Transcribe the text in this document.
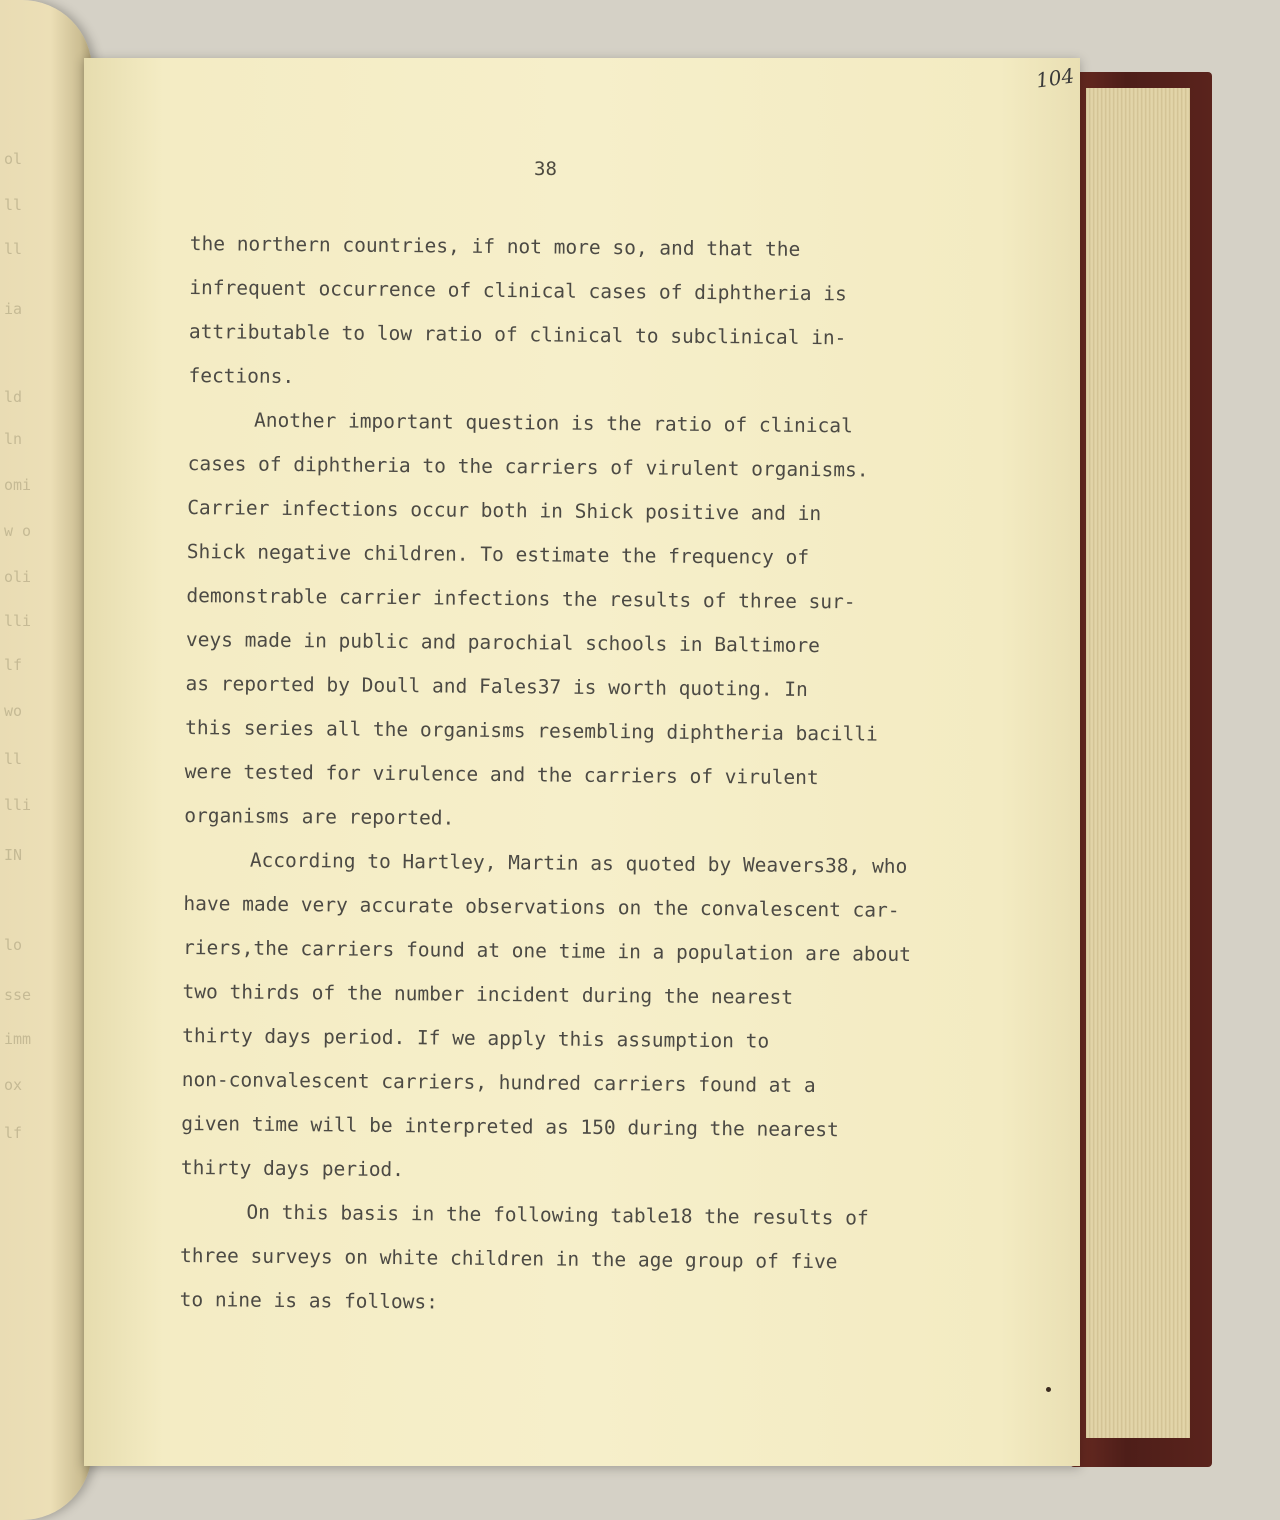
ol
ll
ll
ia
ld
ln
omi
w o
oli
lli
lf
wo
ll
lli
IN
lo
sse
imm
ox
lf
104
38

the northern countries, if not more so, and that the
infrequent occurrence of clinical cases of diphtheria is
attributable to low ratio of clinical to subclinical in-
fections.

Another important question is the ratio of clinical
cases of diphtheria to the carriers of virulent organisms.
Carrier infections occur both in Shick positive and in
Shick negative children. To estimate the frequency of
demonstrable carrier infections the results of three sur-
veys made in public and parochial schools in Baltimore
as reported by Doull and Fales37 is worth quoting. In
this series all the organisms resembling diphtheria bacilli
were tested for virulence and the carriers of virulent
organisms are reported.

According to Hartley, Martin as quoted by Weavers38, who
have made very accurate observations on the convalescent car-
riers,the carriers found at one time in a population are about
two thirds of the number incident during the nearest
thirty days period. If we apply this assumption to
non-convalescent carriers, hundred carriers found at a
given time will be interpreted as 150 during the nearest
thirty days period.

On this basis in the following table18 the results of
three surveys on white children in the age group of five
to nine is as follows:
